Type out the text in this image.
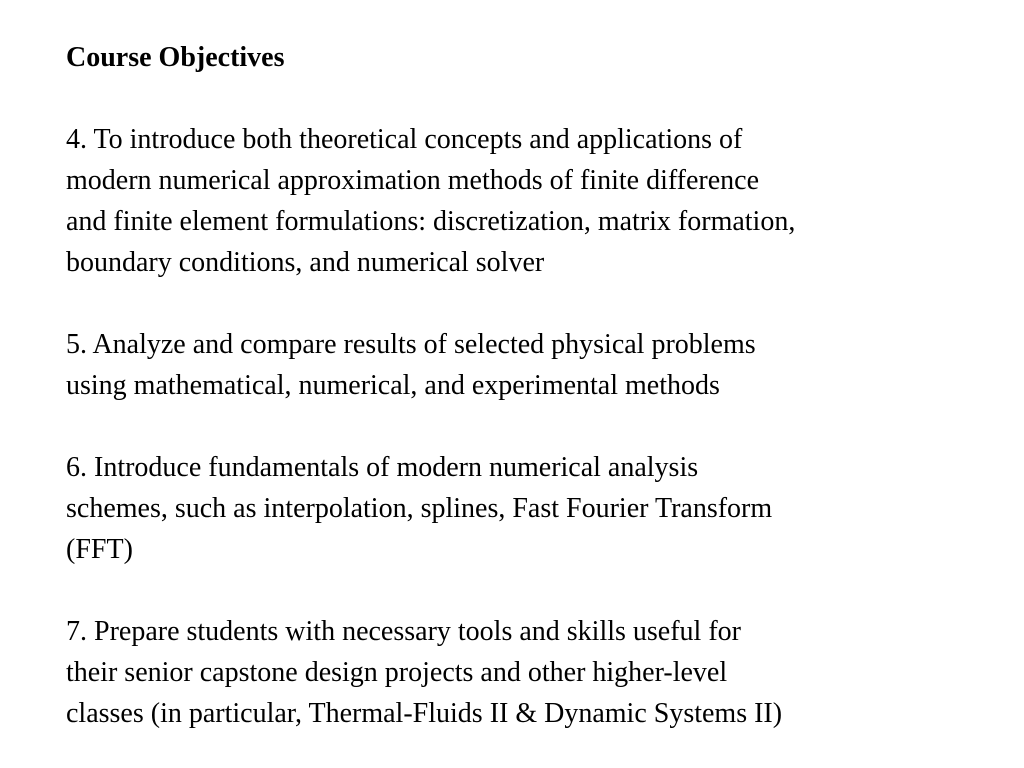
Course Objectives
4. To introduce both theoretical concepts and applications of
modern numerical approximation methods of finite difference
and finite element formulations: discretization, matrix formation,
boundary conditions, and numerical solver
5. Analyze and compare results of selected physical problems
using mathematical, numerical, and experimental methods
6. Introduce fundamentals of modern numerical analysis
schemes, such as interpolation, splines, Fast Fourier Transform
(FFT)
7. Prepare students with necessary tools and skills useful for
their senior capstone design projects and other higher-level
classes (in particular, Thermal-Fluids II & Dynamic Systems II)
